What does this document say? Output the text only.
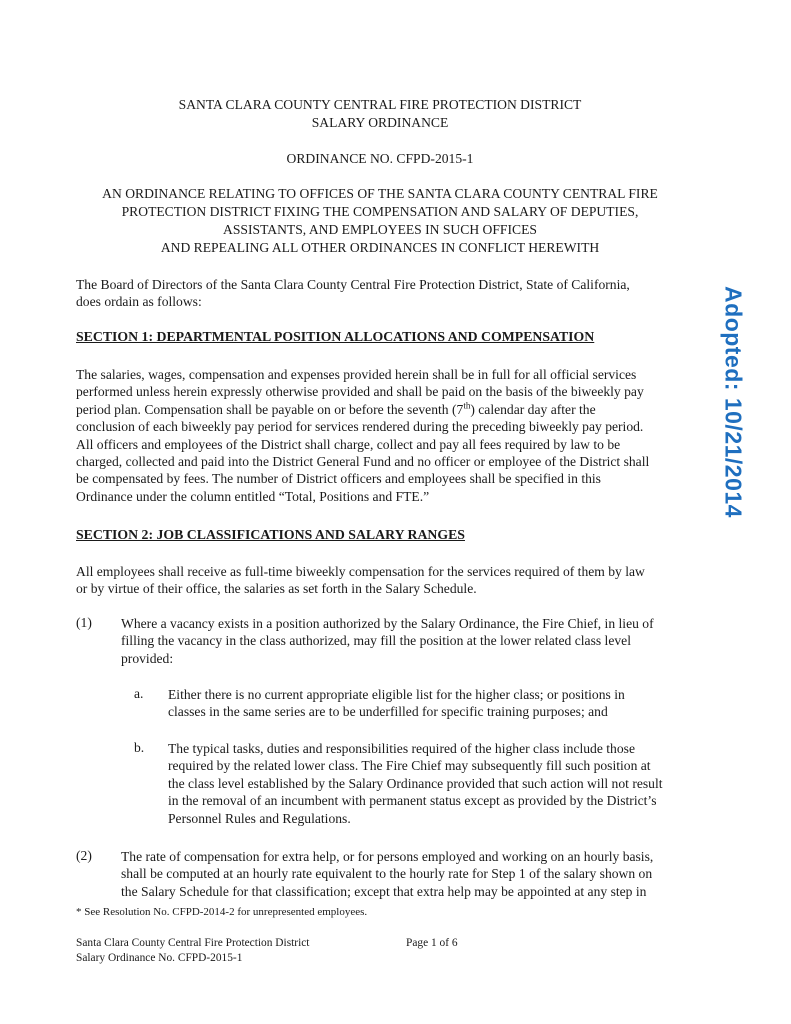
SANTA CLARA COUNTY CENTRAL FIRE PROTECTION DISTRICT
SALARY ORDINANCE
ORDINANCE NO. CFPD-2015-1
AN ORDINANCE RELATING TO OFFICES OF THE SANTA CLARA COUNTY CENTRAL FIRE
PROTECTION DISTRICT FIXING THE COMPENSATION AND SALARY OF DEPUTIES,
ASSISTANTS, AND EMPLOYEES IN SUCH OFFICES
AND REPEALING ALL OTHER ORDINANCES IN CONFLICT HEREWITH
Adopted: 10/21/2014
The Board of Directors of the Santa Clara County Central Fire Protection District, State of California,
does ordain as follows:
SECTION 1: DEPARTMENTAL POSITION ALLOCATIONS AND COMPENSATION
The salaries, wages, compensation and expenses provided herein shall be in full for all official services
performed unless herein expressly otherwise provided and shall be paid on the basis of the biweekly pay
period plan. Compensation shall be payable on or before the seventh (7th) calendar day after the
conclusion of each biweekly pay period for services rendered during the preceding biweekly pay period.
All officers and employees of the District shall charge, collect and pay all fees required by law to be
charged, collected and paid into the District General Fund and no officer or employee of the District shall
be compensated by fees. The number of District officers and employees shall be specified in this
Ordinance under the column entitled “Total, Positions and FTE.”
SECTION 2: JOB CLASSIFICATIONS AND SALARY RANGES
All employees shall receive as full-time biweekly compensation for the services required of them by law
or by virtue of their office, the salaries as set forth in the Salary Schedule.
(1) Where a vacancy exists in a position authorized by the Salary Ordinance, the Fire Chief, in lieu of
filling the vacancy in the class authorized, may fill the position at the lower related class level
provided:
a. Either there is no current appropriate eligible list for the higher class; or positions in
classes in the same series are to be underfilled for specific training purposes; and
b. The typical tasks, duties and responsibilities required of the higher class include those
required by the related lower class. The Fire Chief may subsequently fill such position at
the class level established by the Salary Ordinance provided that such action will not result
in the removal of an incumbent with permanent status except as provided by the District’s
Personnel Rules and Regulations.
(2) The rate of compensation for extra help, or for persons employed and working on an hourly basis,
shall be computed at an hourly rate equivalent to the hourly rate for Step 1 of the salary shown on
the Salary Schedule for that classification; except that extra help may be appointed at any step in
* See Resolution No. CFPD-2014-2 for unrepresented employees.
Santa Clara County Central Fire Protection District
Salary Ordinance No. CFPD-2015-1
Page 1 of 6
